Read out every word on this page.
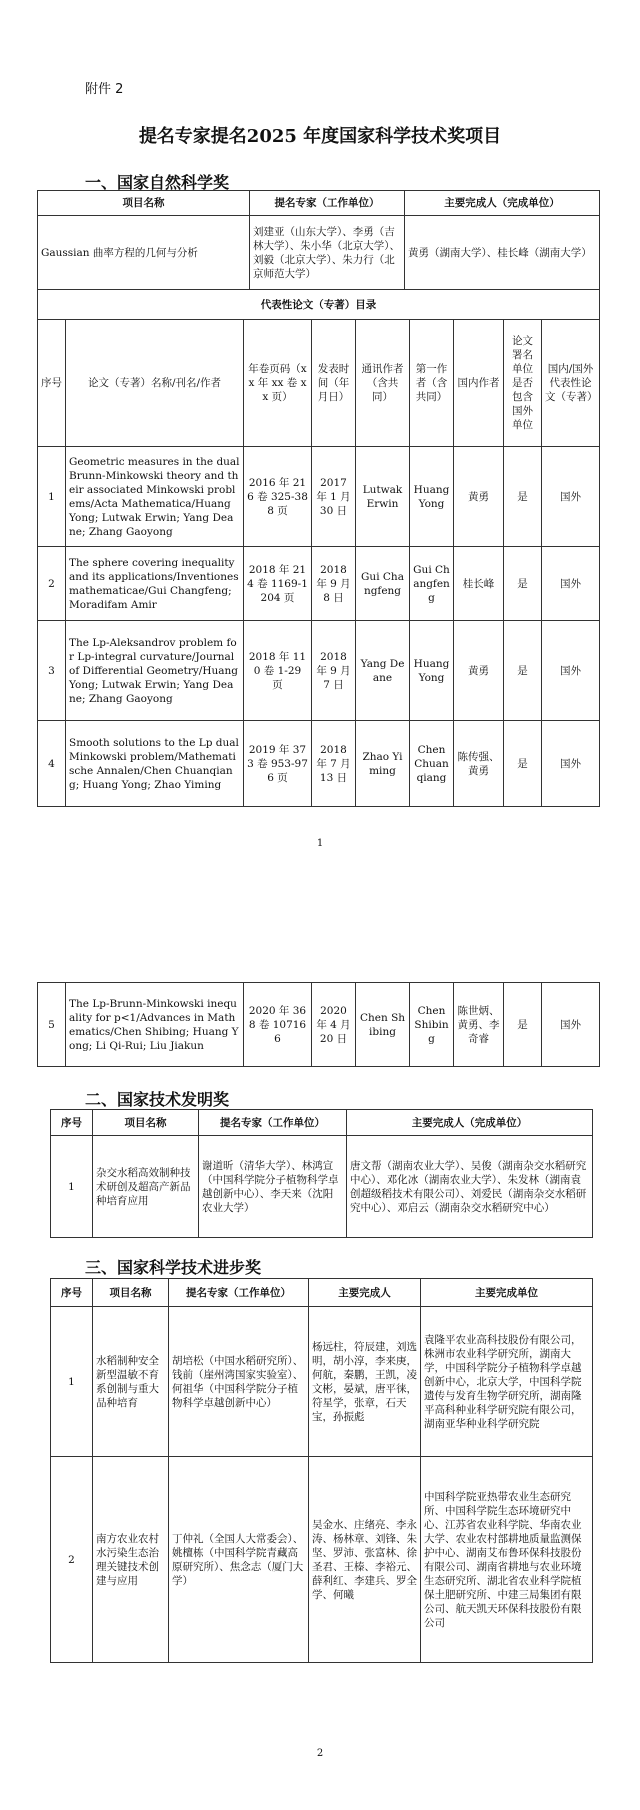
附件 2
提名专家提名2025 年度国家科学技术奖项目
一、国家自然科学奖
项目名称	提名专家（工作单位）	主要完成人（完成单位）
Gaussian 曲率方程的几何与分析	刘建亚（山东大学）、李勇（吉林大学）、朱小华（北京大学）、刘毅（北京大学）、朱力行（北京师范大学）	黄勇（湖南大学）、桂长峰（湖南大学）
代表性论文（专著）目录		
序号	论文（专著）名称/刊名/作者	年卷页码（xx 年 xx 卷 xx 页）	发表时间（年月日）	通讯作者（含共同）	第一作者（含共同）	国内作者	论文署名单位是否包含国外单位	国内/国外代表性论文（专著）
1	Geometric measures in the dual Brunn-Minkowski theory and their associated Minkowski problems/Acta Mathematica/Huang Yong; Lutwak Erwin; Yang Deane; Zhang Gaoyong	2016 年 216 卷 325-388 页	2017 年 1 月 30 日	Lutwak Erwin	Huang Yong	黄勇	是	国外
2	The sphere covering inequality and its applications/Inventiones mathematicae/Gui Changfeng; Moradifam Amir	2018 年 214 卷 1169-1204 页	2018 年 9 月 8 日	Gui Changfeng	Gui Changfeng	桂长峰	是	国外
3	The Lp-Aleksandrov problem for Lp-integral curvature/Journal of Differential Geometry/Huang Yong; Lutwak Erwin; Yang Deane; Zhang Gaoyong	2018 年 110 卷 1-29 页	2018 年 9 月 7 日	Yang Deane	Huang Yong	黄勇	是	国外
4	Smooth solutions to the Lp dual Minkowski problem/Mathematische Annalen/Chen Chuanqiang; Huang Yong; Zhao Yiming	2019 年 373 卷 953-976 页	2018 年 7 月 13 日	Zhao Yiming	Chen Chuanqiang	陈传强、黄勇	是	国外
1
5	The Lp-Brunn-Minkowski inequality for p<1/Advances in Mathematics/Chen Shibing; Huang Yong; Li Qi-Rui; Liu Jiakun	2020 年 368 卷 107166	2020 年 4 月 20 日	Chen Shibing	Chen Shibing	陈世炳、黄勇、李奇睿	是	国外
二、国家技术发明奖
序号	项目名称	提名专家（工作单位）	主要完成人（完成单位）
1	杂交水稻高效制种技术研创及超高产新品种培育应用	谢道昕（清华大学）、林鸿宣（中国科学院分子植物科学卓越创新中心）、李天来（沈阳农业大学）	唐文帮（湖南农业大学）、吴俊（湖南杂交水稻研究中心）、邓化冰（湖南农业大学）、朱发林（湖南袁创超级稻技术有限公司）、刘爱民（湖南杂交水稻研究中心）、邓启云（湖南杂交水稻研究中心）
三、国家科学技术进步奖
序号	项目名称	提名专家（工作单位）	主要完成人	主要完成单位
1	水稻制种安全新型温敏不育系创制与重大品种培育	胡培松（中国水稻研究所）、钱前（崖州湾国家实验室）、何祖华（中国科学院分子植物科学卓越创新中心）	杨远柱，符辰建，刘选明，胡小淳，李来庚，何航，秦鹏，王凯，凌文彬，晏斌，唐平徕，符星学，张章，石天宝，孙振彪	袁隆平农业高科技股份有限公司，株洲市农业科学研究所，湖南大学，中国科学院分子植物科学卓越创新中心，北京大学，中国科学院遗传与发育生物学研究所，湖南隆平高科种业科学研究院有限公司，湖南亚华种业科学研究院
2	南方农业农村水污染生态治理关键技术创建与应用	丁仲礼（全国人大常委会）、姚檀栋（中国科学院青藏高原研究所）、焦念志（厦门大学）	吴金水、庄绪亮、李永涛、杨林章、刘锋、朱坚、罗沛、张富林、徐圣君、王榛、李裕元、薛利红、李建兵、罗全学、何曦	中国科学院亚热带农业生态研究所、中国科学院生态环境研究中心、江苏省农业科学院、华南农业大学、农业农村部耕地质量监测保护中心、湖南艾布鲁环保科技股份有限公司、湖南省耕地与农业环境生态研究所、湖北省农业科学院植保土肥研究所、中建三局集团有限公司、航天凯天环保科技股份有限公司
2
